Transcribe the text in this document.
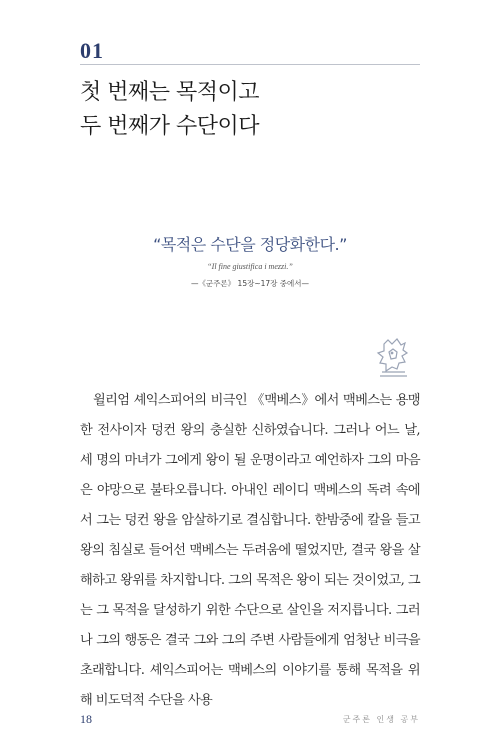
01
첫 번째는 목적이고
두 번째가 수단이다
“목적은 수단을 정당화한다.”
“Il fine giustifica i mezzi.”
—《군주론》 15장~17장 중에서—

윌리엄 셰익스피어의 비극인 《맥베스》에서 맥베스는 용맹한 전사이자 덩컨 왕의 충실한 신하였습니다. 그러나 어느 날, 세 명의 마녀가 그에게 왕이 될 운명이라고 예언하자 그의 마음은 야망으로 불타오릅니다. 아내인 레이디 맥베스의 독려 속에서 그는 덩컨 왕을 암살하기로 결심합니다. 한밤중에 칼을 들고 왕의 침실로 들어선 맥베스는 두려움에 떨었지만, 결국 왕을 살해하고 왕위를 차지합니다. 그의 목적은 왕이 되는 것이었고, 그는 그 목적을 달성하기 위한 수단으로 살인을 저지릅니다. 그러나 그의 행동은 결국 그와 그의 주변 사람들에게 엄청난 비극을 초래합니다. 셰익스피어는 맥베스의 이야기를 통해 목적을 위해 비도덕적 수단을 사용

18	군주론 인생 공부
